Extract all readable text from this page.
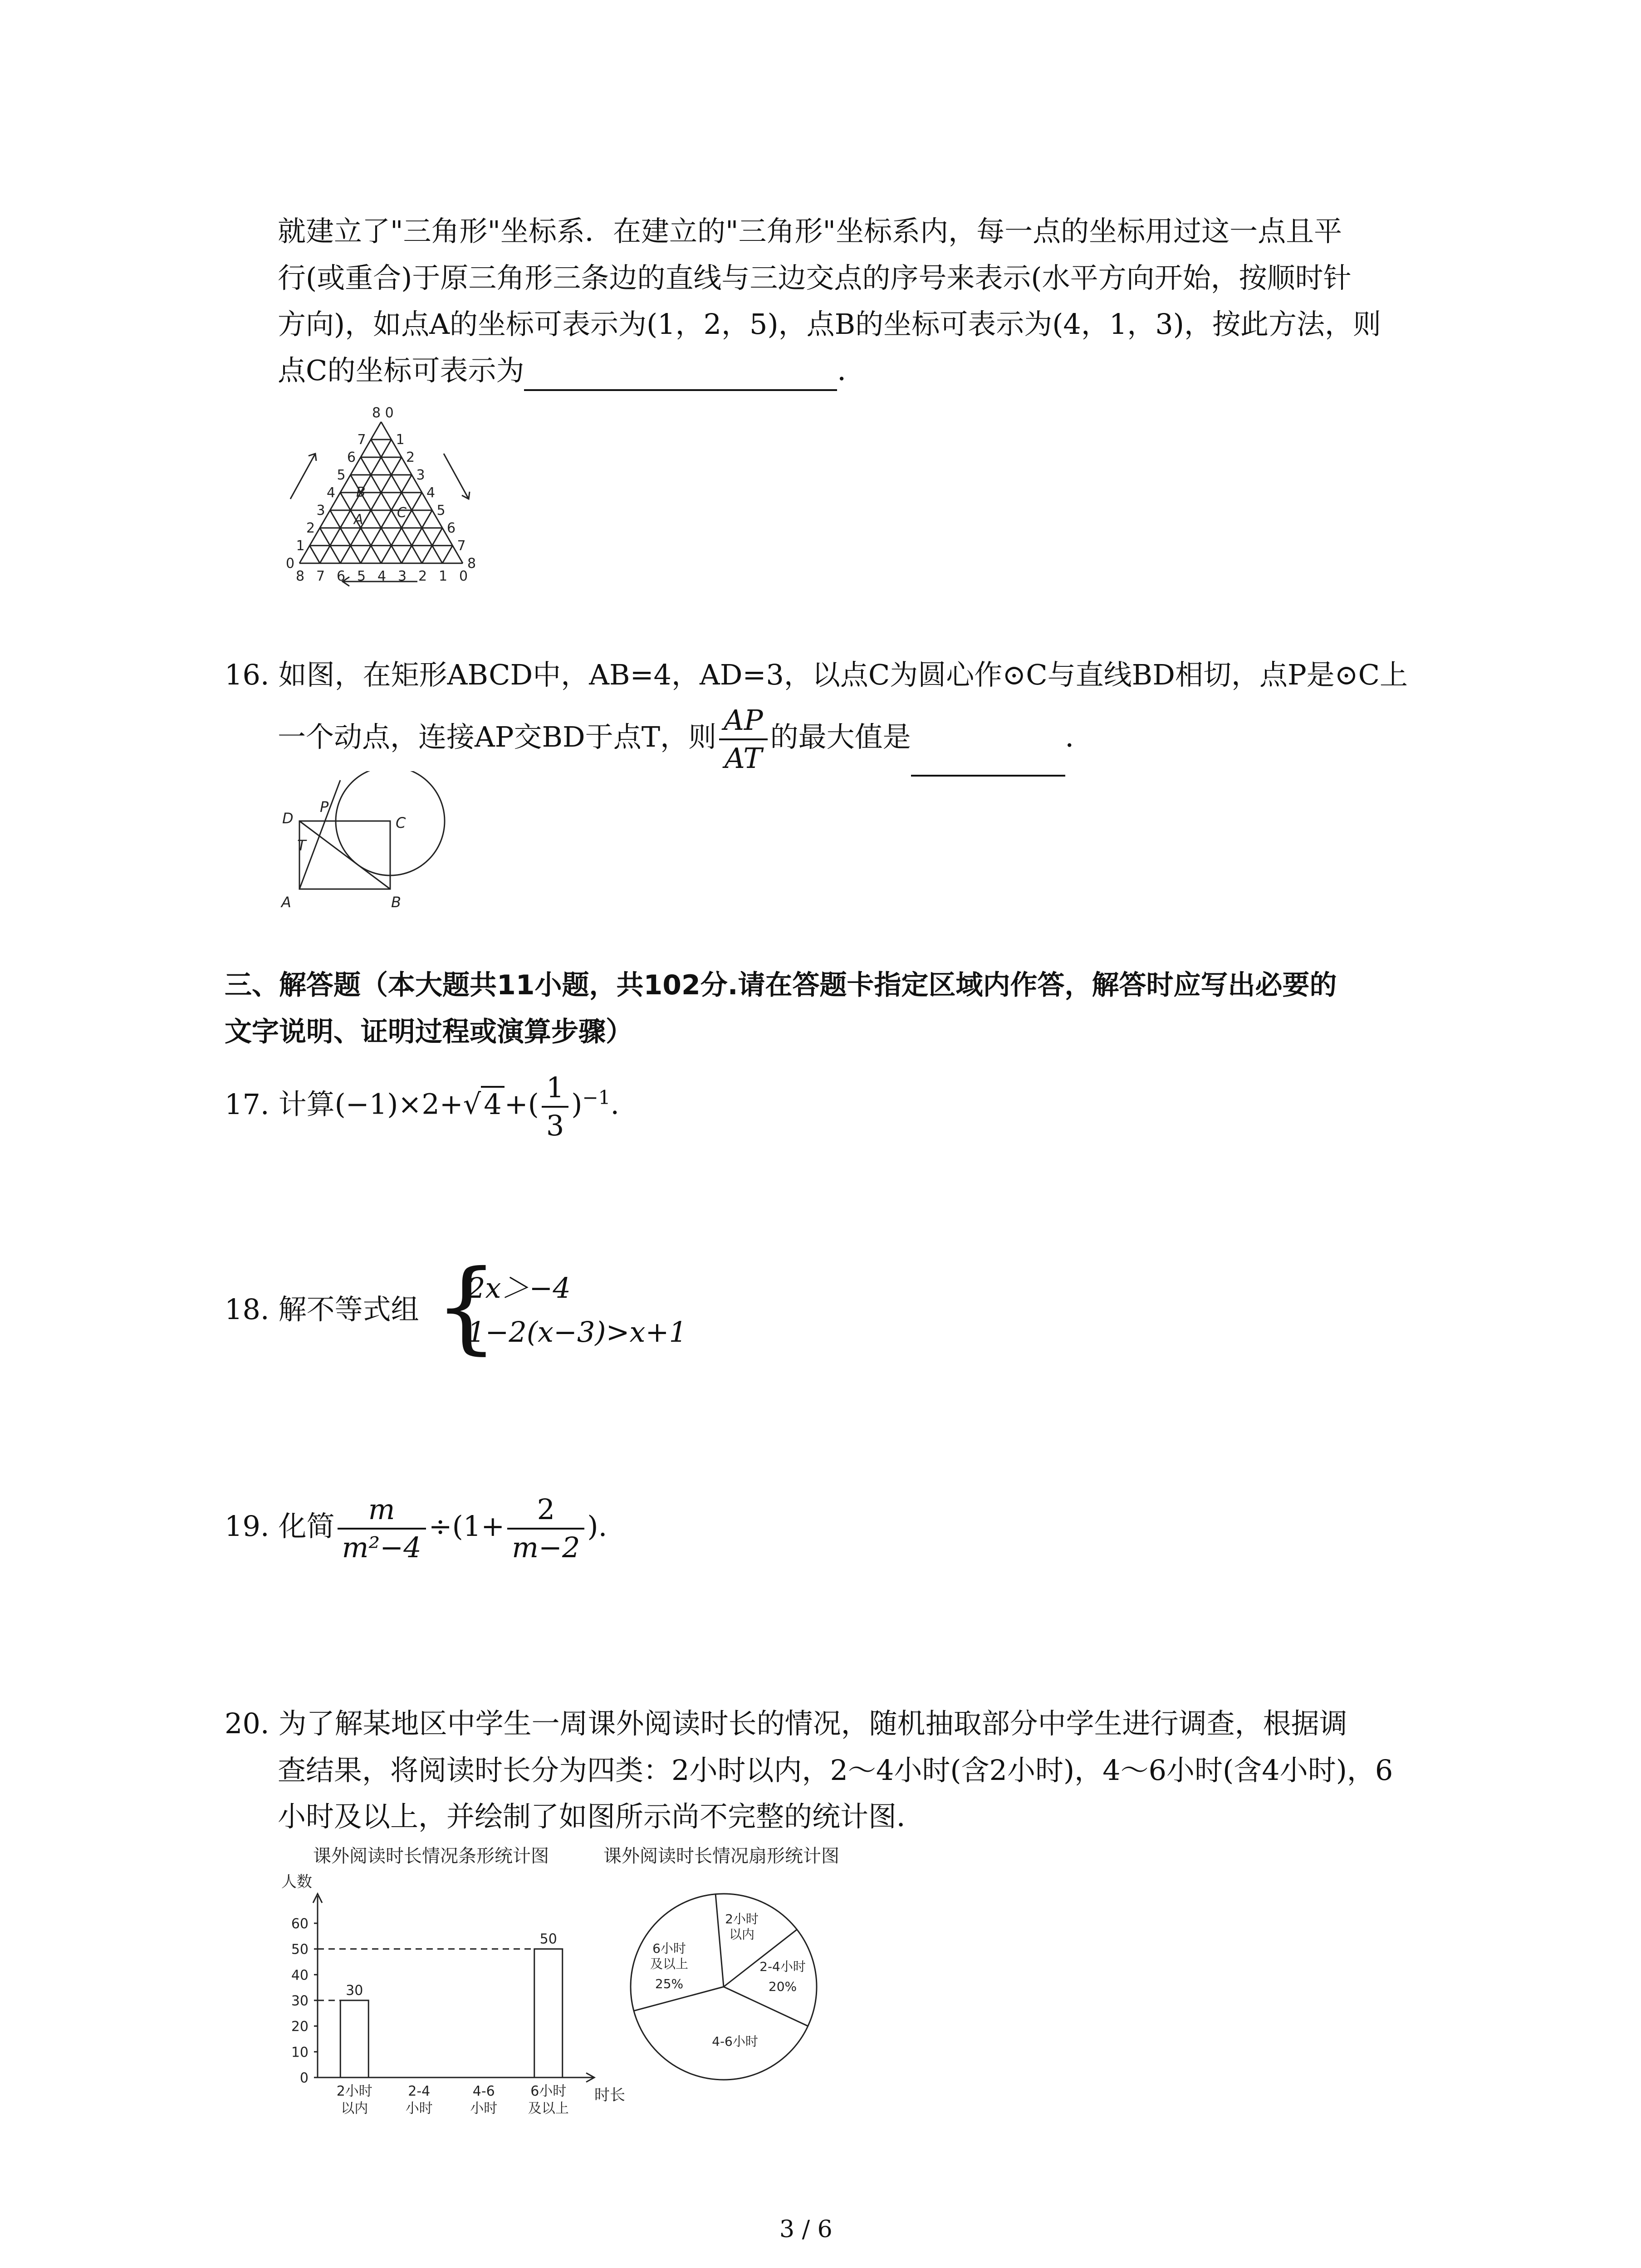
就建立了"三角形"坐标系．在建立的"三角形"坐标系内，每一点的坐标用过这一点且平
行(或重合)于原三角形三条边的直线与三边交点的序号来表示(水平方向开始，按顺时针
方向)，如点A的坐标可表示为(1，2，5)，点B的坐标可表示为(4，1，3)，按此方法，则
点C的坐标可表示为	．
8 0
7
6
5
4
3
2
1
0
1
2
3
4
5
6
7
8
8 7 6 5 4 3 2 1 0
B
A C
16. 如图，在矩形ABCD中，AB=4，AD=3，以点C为圆心作⊙C与直线BD相切，点P是⊙C上
一个动点，连接AP交BD于点T，则 $\frac{AP}{AT}$ 的最大值是	．
D
P
C
T
A	B
三、解答题（本大题共11小题，共102分.请在答题卡指定区域内作答，解答时应写出必要的
文字说明、证明过程或演算步骤）
17. 计算$(-1)\times 2+√4+( \frac{1}{3} )^{-1}$.
18. 解不等式组 {
2x＞−4
1−2(x−3)>x+1
19. 化简 $\frac{m}{\text{m²−4}} \div(1+ \frac{2}{m-2}$ ).
20. 为了解某地区中学生一周课外阅读时长的情况，随机抽取部分中学生进行调查，根据调
查结果，将阅读时长分为四类：2小时以内，2～4小时(含2小时)，4～6小时(含4小时)，6
小时及以上，并绘制了如图所示尚不完整的统计图．
课外阅读时长情况条形统计图	课外阅读时长情况扇形统计图
人数
时长
0
10
20
30
40
50
60
30
50
2小时
以内
2-4
小时
4-6
小时
6小时
及以上
2小时
以内
2-4小时
20%
4-6小时
6小时
及以上
25%
3 / 6
